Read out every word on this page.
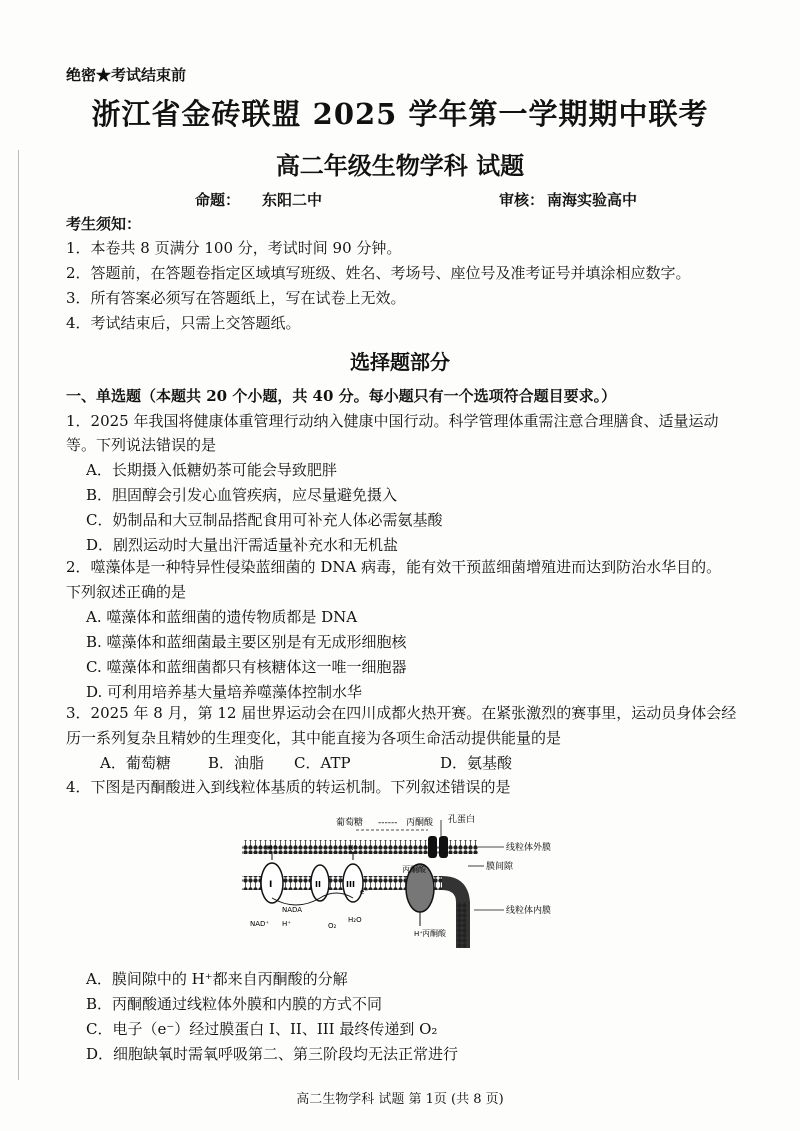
绝密★考试结束前
浙江省金砖联盟 2025 学年第一学期期中联考
高二年级生物学科 试题
命题： 东阳二中	审核： 南海实验高中
考生须知：
1．本卷共 8 页满分 100 分，考试时间 90 分钟。
2．答题前，在答题卷指定区域填写班级、姓名、考场号、座位号及准考证号并填涂相应数字。
3．所有答案必须写在答题纸上，写在试卷上无效。
4．考试结束后，只需上交答题纸。
选择题部分
一、单选题（本题共 20 个小题，共 40 分。每小题只有一个选项符合题目要求。）
1．2025 年我国将健康体重管理行动纳入健康中国行动。科学管理体重需注意合理膳食、适量运动
等。下列说法错误的是
A．长期摄入低糖奶茶可能会导致肥胖
B．胆固醇会引发心血管疾病，应尽量避免摄入
C．奶制品和大豆制品搭配食用可补充人体必需氨基酸
D．剧烈运动时大量出汗需适量补充水和无机盐
2．噬藻体是一种特异性侵染蓝细菌的 DNA 病毒，能有效干预蓝细菌增殖进而达到防治水华目的。
下列叙述正确的是
A. 噬藻体和蓝细菌的遗传物质都是 DNA
B. 噬藻体和蓝细菌最主要区别是有无成形细胞核
C. 噬藻体和蓝细菌都只有核糖体这一唯一细胞器
D. 可利用培养基大量培养噬藻体控制水华
3．2025 年 8 月，第 12 届世界运动会在四川成都火热开赛。在紧张激烈的赛事里，运动员身体会经
历一系列复杂且精妙的生理变化，其中能直接为各项生命活动提供能量的是
A．葡萄糖 B．油脂 C．ATP	D．氨基酸
4．下图是丙酮酸进入到线粒体基质的转运机制。下列叙述错误的是
葡萄糖	丙酮酸 孔蛋白
线粒体外膜
膜间隙
线粒体内膜
丙酮酸
丙酮酸
H⁺	H⁺
H⁺
I	II	III
e⁻
NADA
NAD⁺ H⁺	O₂
H₂O
------
A．膜间隙中的 H⁺都来自丙酮酸的分解
B．丙酮酸通过线粒体外膜和内膜的方式不同
C．电子（e⁻）经过膜蛋白 I、II、III 最终传递到 O₂
D．细胞缺氧时需氧呼吸第二、第三阶段均无法正常进行
高二生物学科 试题 第 1页 (共 8 页)
